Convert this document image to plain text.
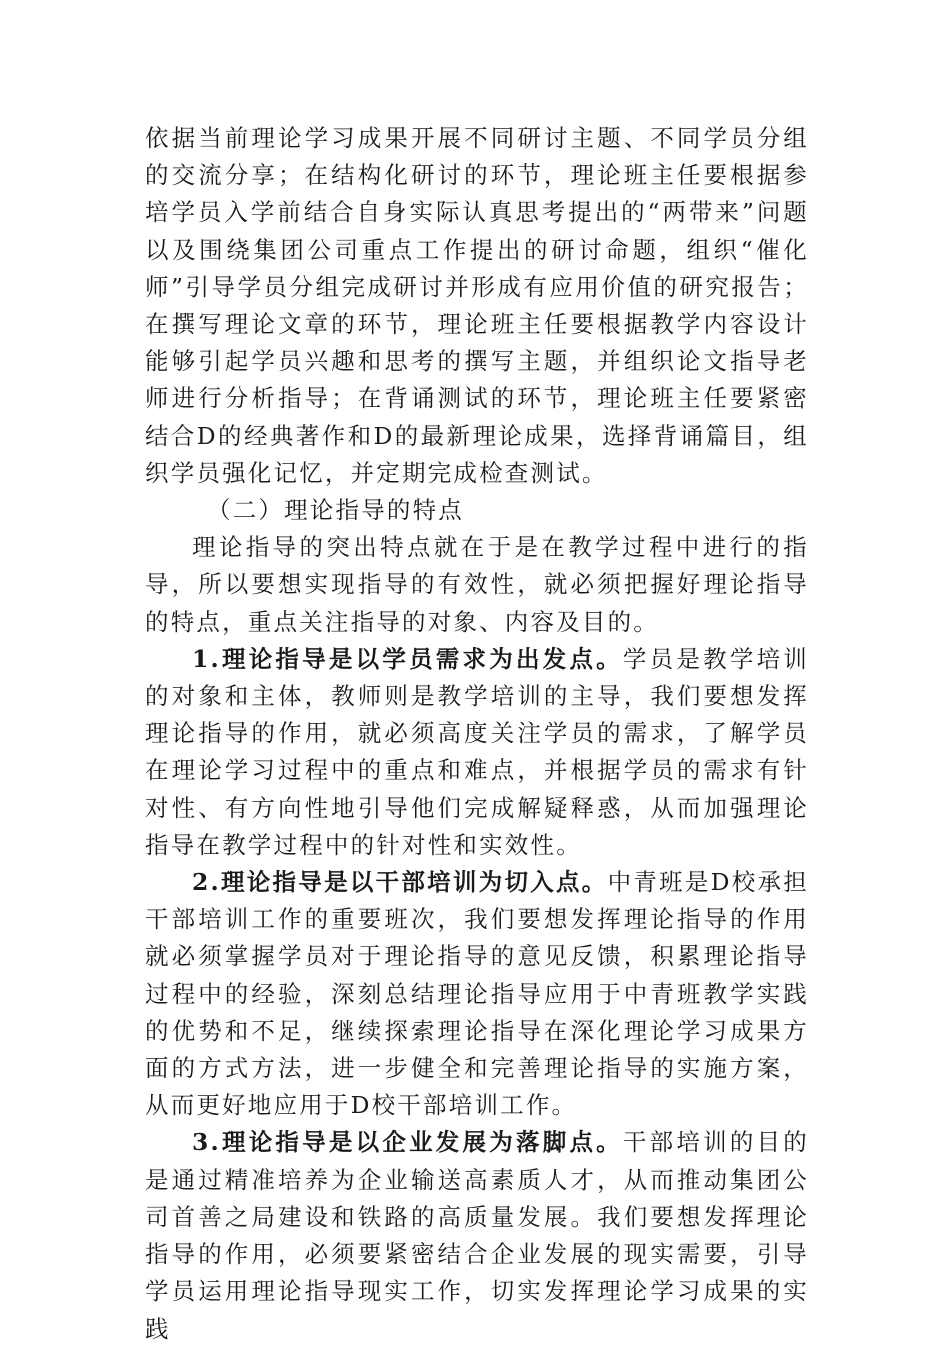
依据当前理论学习成果开展不同研讨主题、不同学员分组的交流分享；在结构化研讨的环节，理论班主任要根据参培学员入学前结合自身实际认真思考提出的“两带来”问题以及围绕集团公司重点工作提出的研讨命题，组织“催化师”引导学员分组完成研讨并形成有应用价值的研究报告；在撰写理论文章的环节，理论班主任要根据教学内容设计能够引起学员兴趣和思考的撰写主题，并组织论文指导老师进行分析指导；在背诵测试的环节，理论班主任要紧密结合D的经典著作和D的最新理论成果，选择背诵篇目，组织学员强化记忆，并定期完成检查测试。

（二）理论指导的特点

理论指导的突出特点就在于是在教学过程中进行的指导，所以要想实现指导的有效性，就必须把握好理论指导的特点，重点关注指导的对象、内容及目的。

1.理论指导是以学员需求为出发点。学员是教学培训的对象和主体，教师则是教学培训的主导，我们要想发挥理论指导的作用，就必须高度关注学员的需求，了解学员在理论学习过程中的重点和难点，并根据学员的需求有针对性、有方向性地引导他们完成解疑释惑，从而加强理论指导在教学过程中的针对性和实效性。

2.理论指导是以干部培训为切入点。中青班是D校承担干部培训工作的重要班次，我们要想发挥理论指导的作用就必须掌握学员对于理论指导的意见反馈，积累理论指导过程中的经验，深刻总结理论指导应用于中青班教学实践的优势和不足，继续探索理论指导在深化理论学习成果方面的方式方法，进一步健全和完善理论指导的实施方案，从而更好地应用于D校干部培训工作。

3.理论指导是以企业发展为落脚点。干部培训的目的是通过精准培养为企业输送高素质人才，从而推动集团公司首善之局建设和铁路的高质量发展。我们要想发挥理论指导的作用，必须要紧密结合企业发展的现实需要，引导学员运用理论指导现实工作，切实发挥理论学习成果的实践
